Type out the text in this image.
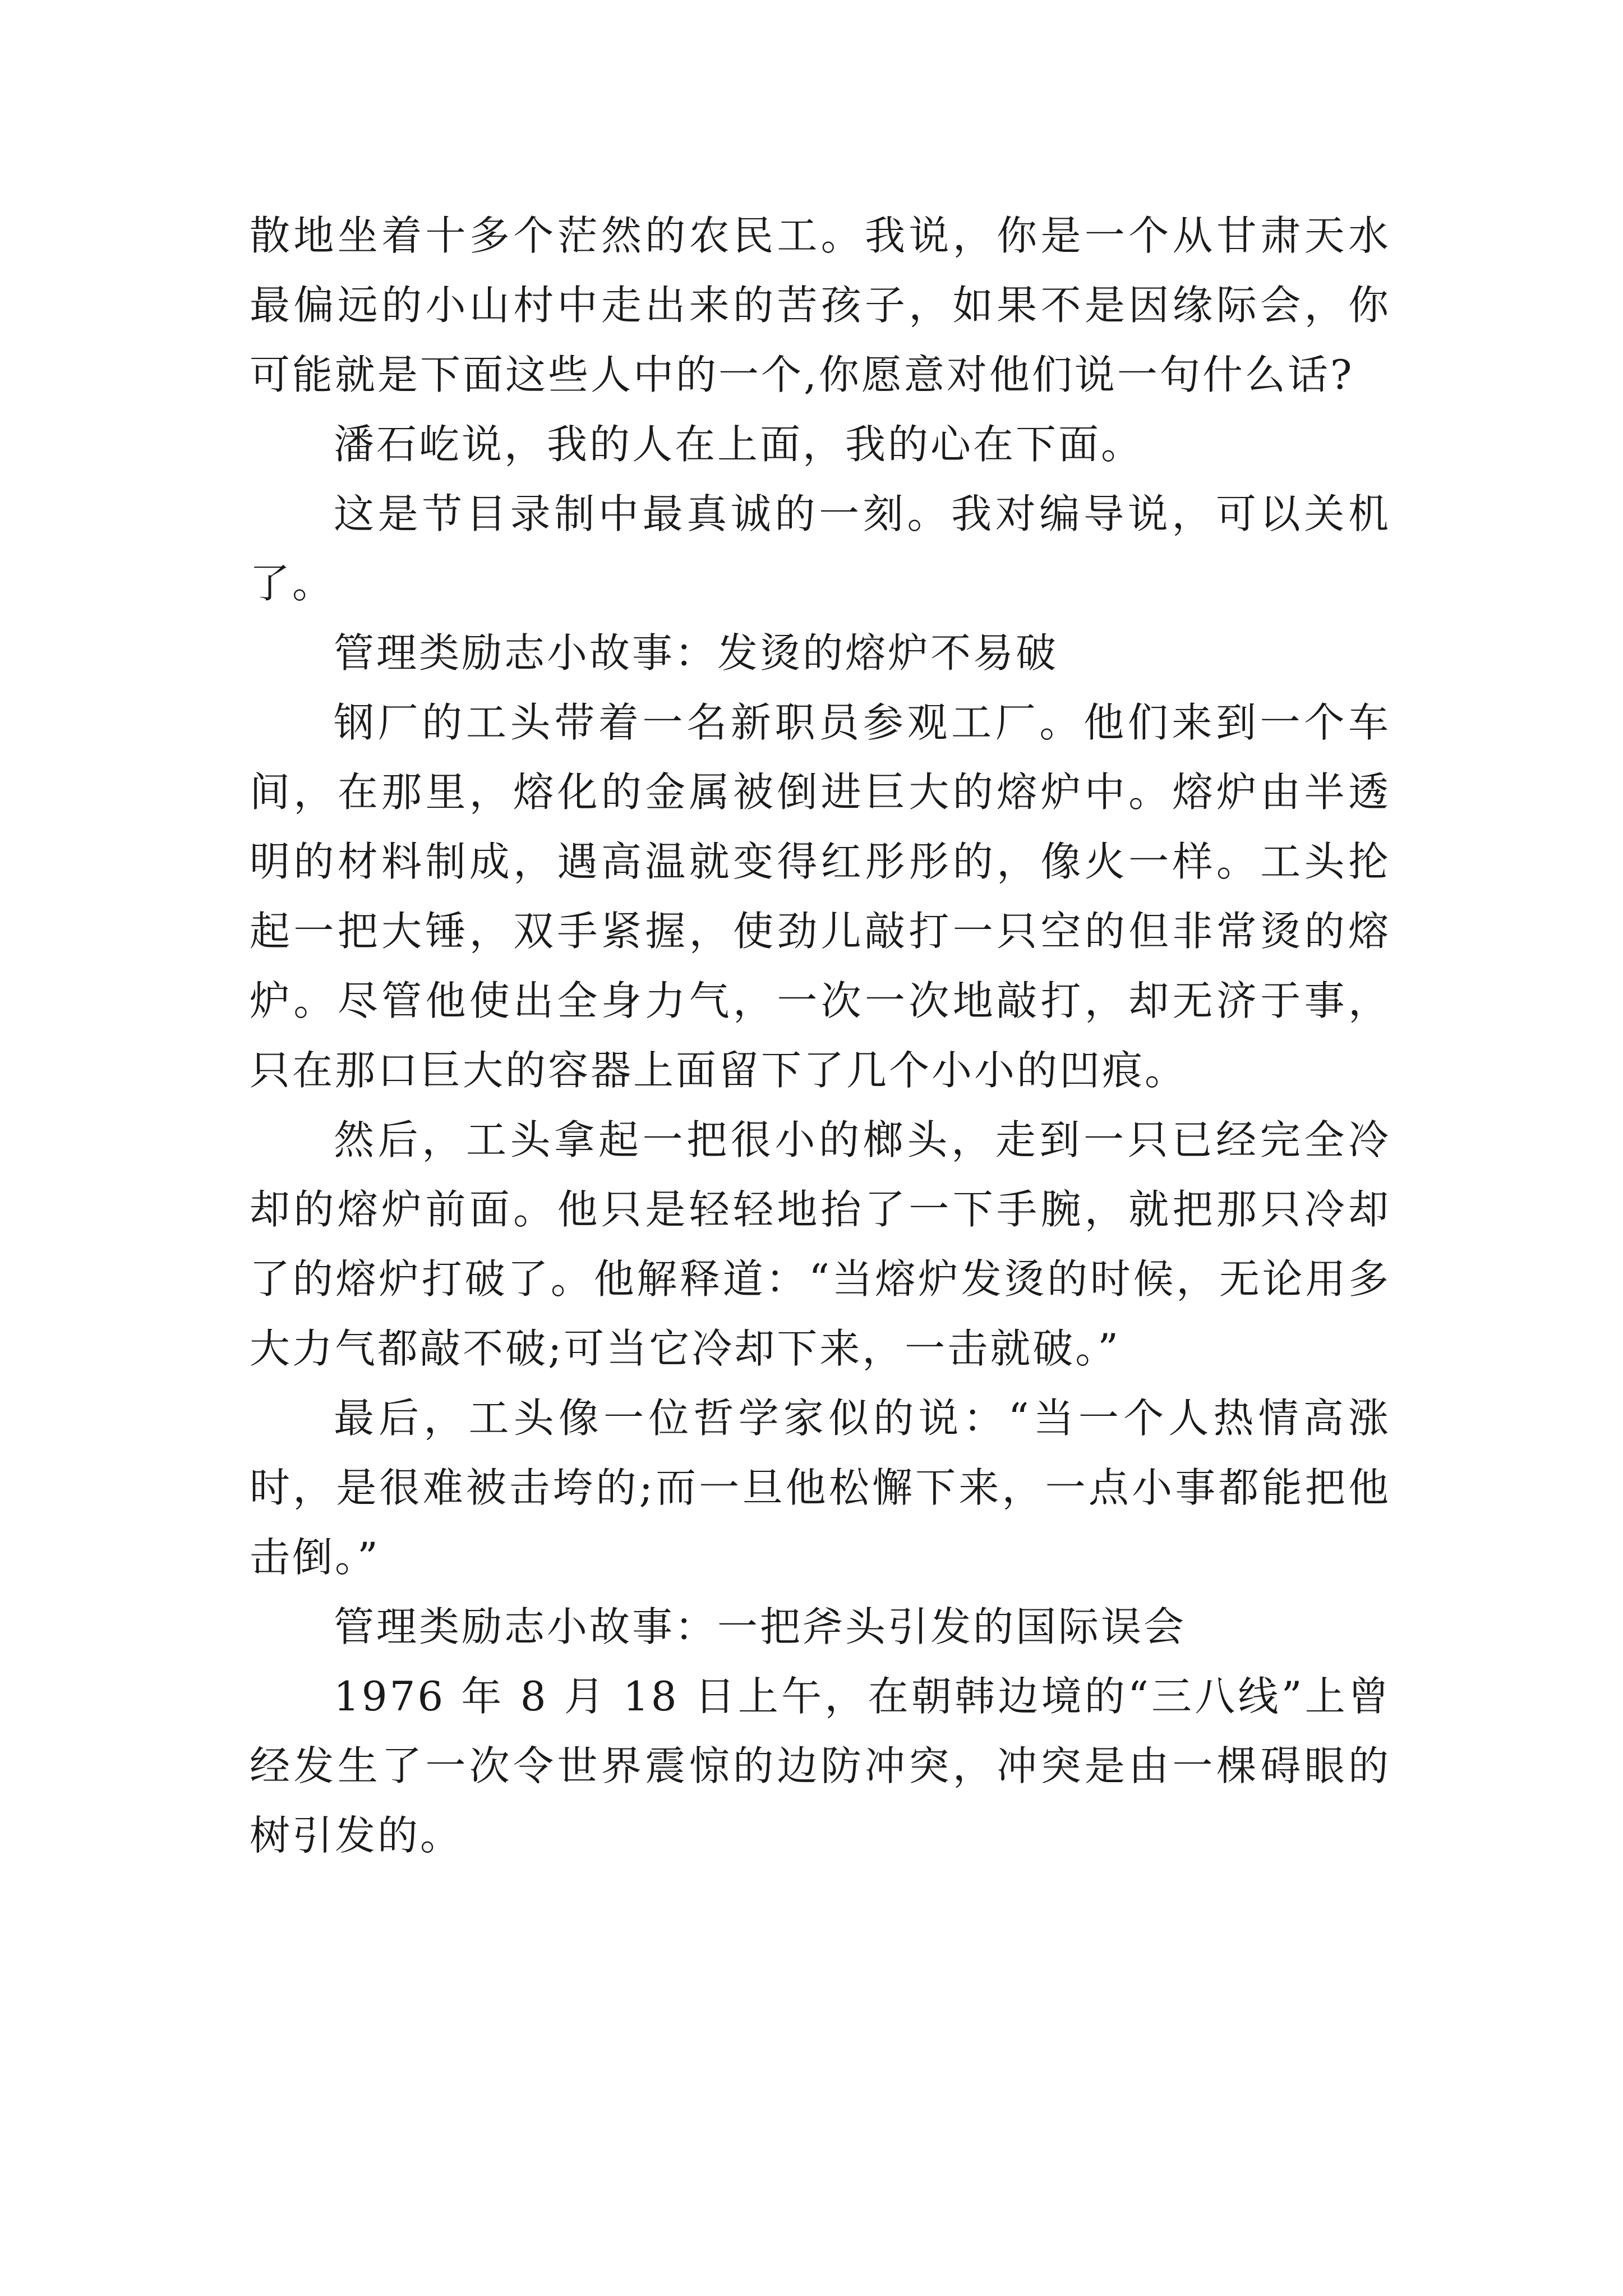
散地坐着十多个茫然的农民工。我说，你是一个从甘肃天水最偏远的小山村中走出来的苦孩子，如果不是因缘际会，你可能就是下面这些人中的一个,你愿意对他们说一句什么话?

潘石屹说，我的人在上面，我的心在下面。

这是节目录制中最真诚的一刻。我对编导说，可以关机了。

管理类励志小故事：发烫的熔炉不易破

钢厂的工头带着一名新职员参观工厂。他们来到一个车间，在那里，熔化的金属被倒进巨大的熔炉中。熔炉由半透明的材料制成，遇高温就变得红彤彤的，像火一样。工头抡起一把大锤，双手紧握，使劲儿敲打一只空的但非常烫的熔炉。尽管他使出全身力气，一次一次地敲打，却无济于事，只在那口巨大的容器上面留下了几个小小的凹痕。

然后，工头拿起一把很小的榔头，走到一只已经完全冷却的熔炉前面。他只是轻轻地抬了一下手腕，就把那只冷却了的熔炉打破了。他解释道：“当熔炉发烫的时候，无论用多大力气都敲不破;可当它冷却下来，一击就破。”

最后，工头像一位哲学家似的说：“当一个人热情高涨时，是很难被击垮的;而一旦他松懈下来，一点小事都能把他击倒。”

管理类励志小故事：一把斧头引发的国际误会

1976 年 8 月 18 日上午，在朝韩边境的“三八线”上曾经发生了一次令世界震惊的边防冲突，冲突是由一棵碍眼的树引发的。
